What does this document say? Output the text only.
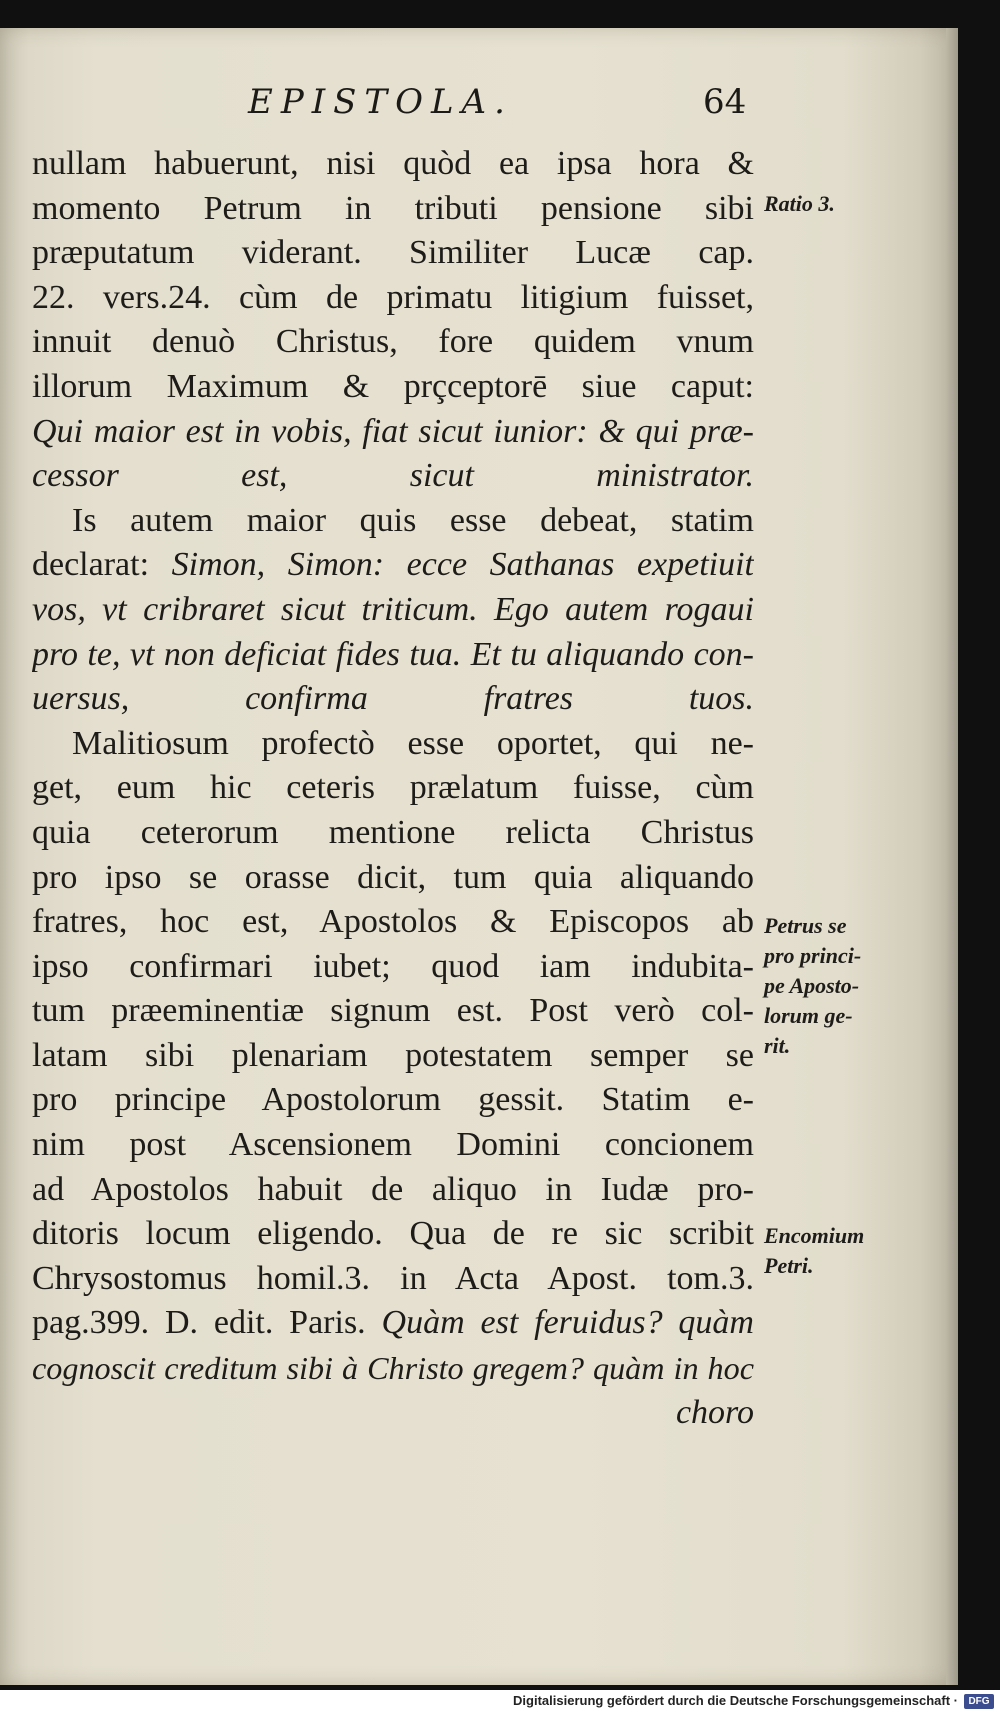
EPISTOLA.	64
nullam habuerunt, nisi quòd ea ipsa hora &
momento Petrum in tributi pensione sibi
præputatum viderant. Similiter Lucæ cap.
22. vers.24. cùm de primatu litigium fuisset,
innuit denuò Christus, fore quidem vnum
illorum Maximum & prçceptorē siue caput:
Qui maior est in vobis, fiat sicut iunior: & qui præ-
cessor est, sicut ministrator.
Is autem maior quis esse debeat, statim
declarat: Simon, Simon: ecce Sathanas expetiuit
vos, vt cribraret sicut triticum. Ego autem rogaui
pro te, vt non deficiat fides tua. Et tu aliquando con-
uersus, confirma fratres tuos.
Malitiosum profectò esse oportet, qui ne-
get, eum hic ceteris prælatum fuisse, cùm
quia ceterorum mentione relicta Christus
pro ipso se orasse dicit, tum quia aliquando
fratres, hoc est, Apostolos & Episcopos ab
ipso confirmari iubet; quod iam indubita-
tum præeminentiæ signum est. Post verò col-
latam sibi plenariam potestatem semper se
pro principe Apostolorum gessit. Statim e-
nim post Ascensionem Domini concionem
ad Apostolos habuit de aliquo in Iudæ pro-
ditoris locum eligendo. Qua de re sic scribit
Chrysostomus homil.3. in Acta Apost. tom.3.
pag.399. D. edit. Paris. Quàm est feruidus? quàm
cognoscit creditum sibi à Christo gregem? quàm in hoc
choro
Ratio 3.
Petrus se
pro princi-
pe Aposto-
lorum ge-
rit.
Encomium
Petri.
Digitalisierung gefördert durch die Deutsche Forschungsgemeinschaft ·	DFG
